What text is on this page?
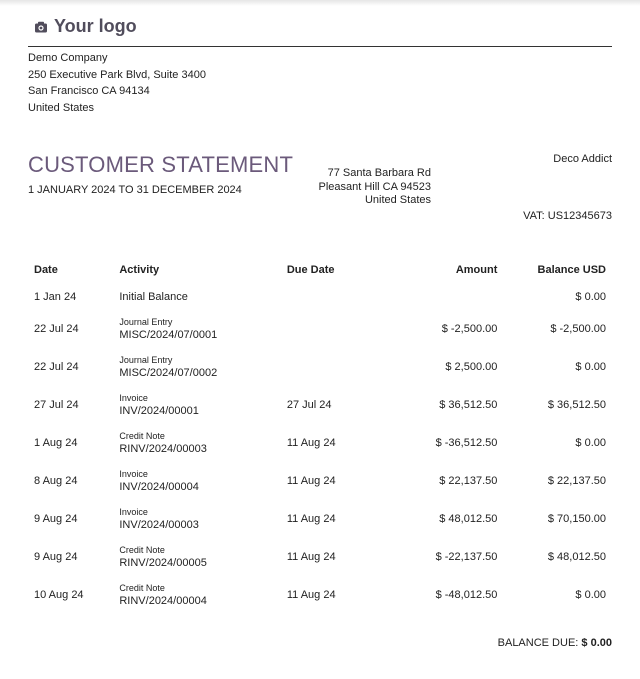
Your logo
Demo Company
250 Executive Park Blvd, Suite 3400
San Francisco CA 94134
United States
CUSTOMER STATEMENT
1 JANUARY 2024 TO 31 DECEMBER 2024
77 Santa Barbara Rd
Pleasant Hill CA 94523
United States
Deco Addict
VAT: US12345673
Date	Activity	Due Date	Amount	Balance USD
1 Jan 24	Initial Balance			$ 0.00
22 Jul 24	Journal Entry
MISC/2024/07/0001		$ -2,500.00	$ -2,500.00
22 Jul 24	Journal Entry
MISC/2024/07/0002		$ 2,500.00	$ 0.00
27 Jul 24	Invoice
INV/2024/00001	27 Jul 24	$ 36,512.50	$ 36,512.50
1 Aug 24	Credit Note
RINV/2024/00003	11 Aug 24	$ -36,512.50	$ 0.00
8 Aug 24	Invoice
INV/2024/00004	11 Aug 24	$ 22,137.50	$ 22,137.50
9 Aug 24	Invoice
INV/2024/00003	11 Aug 24	$ 48,012.50	$ 70,150.00
9 Aug 24	Credit Note
RINV/2024/00005	11 Aug 24	$ -22,137.50	$ 48,012.50
10 Aug 24	Credit Note
RINV/2024/00004	11 Aug 24	$ -48,012.50	$ 0.00
BALANCE DUE: $ 0.00
